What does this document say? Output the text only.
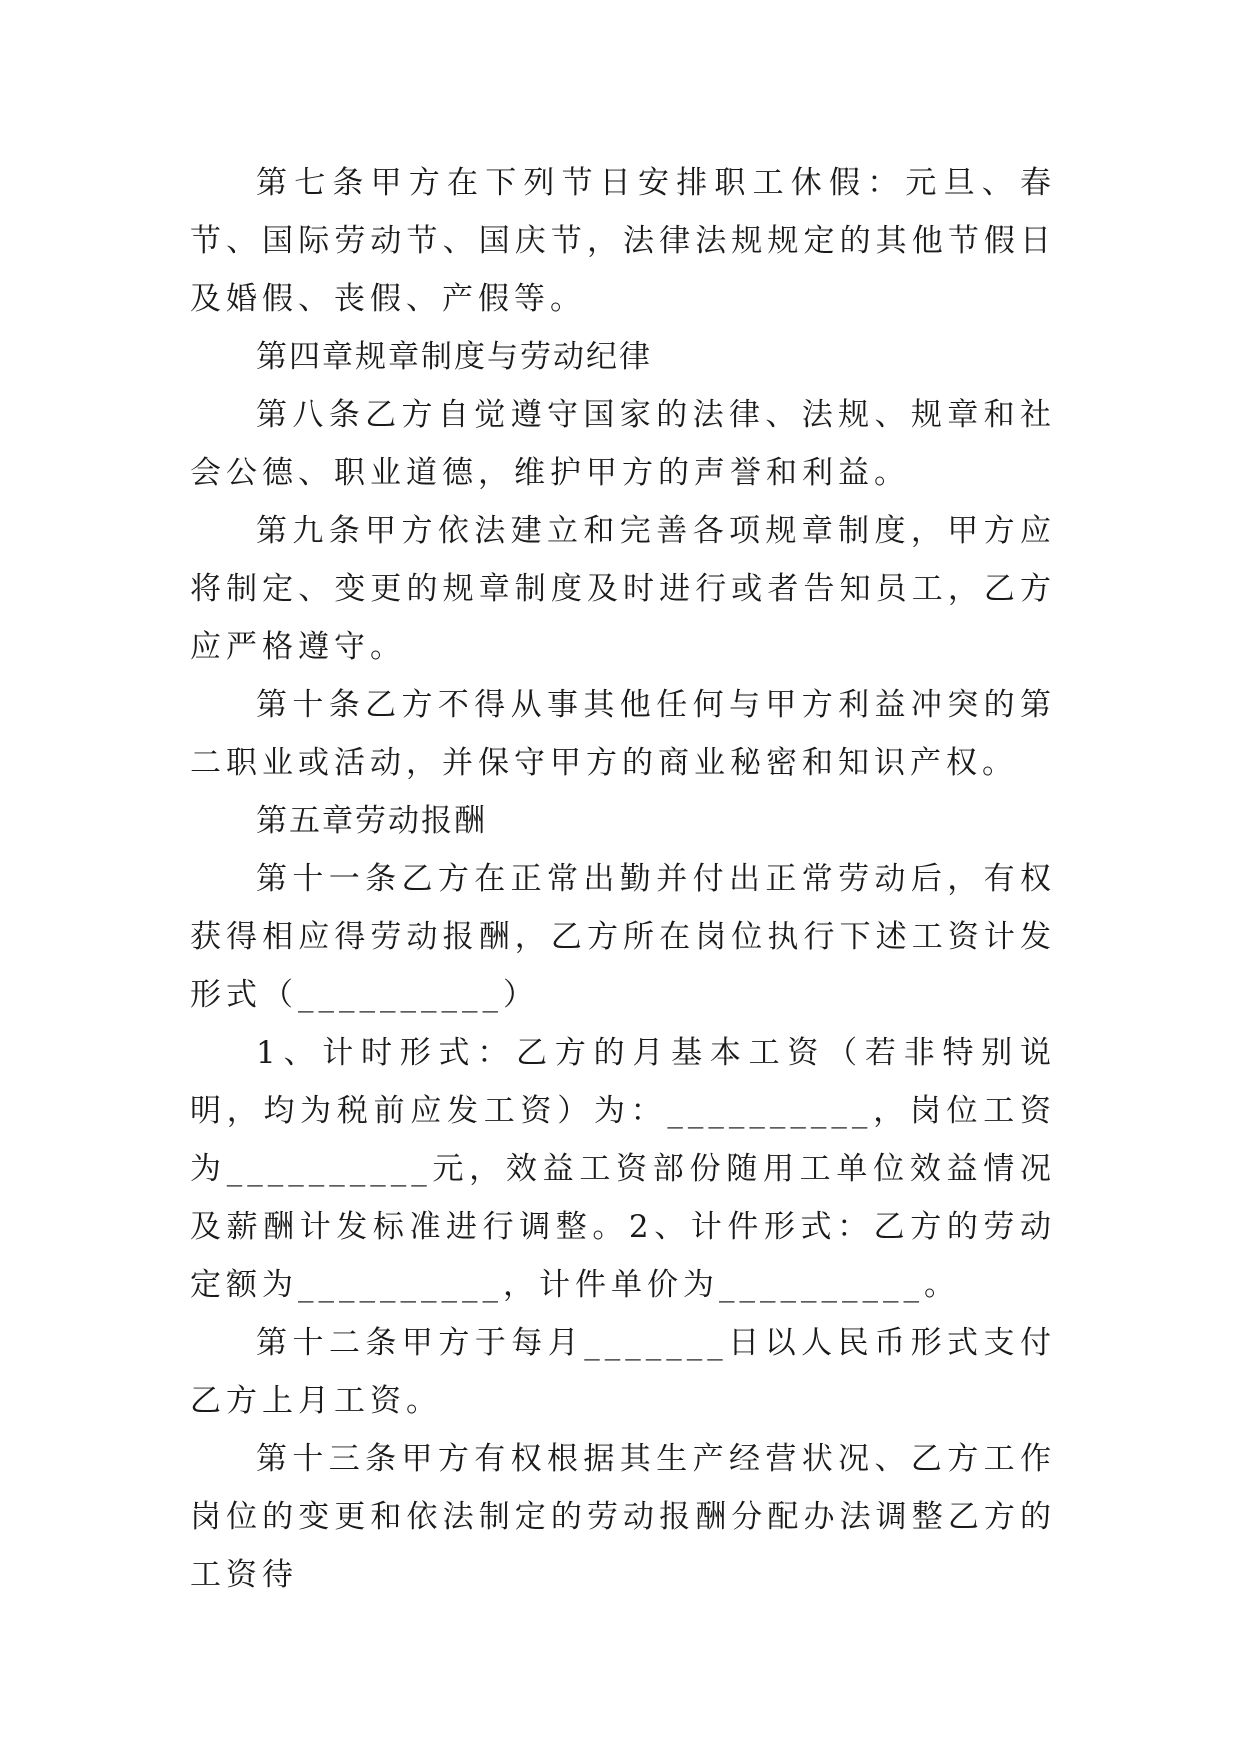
第七条甲方在下列节日安排职工休假：元旦、春节、国际劳动节、国庆节，法律法规规定的其他节假日及婚假、丧假、产假等。

第四章规章制度与劳动纪律

第八条乙方自觉遵守国家的法律、法规、规章和社会公德、职业道德，维护甲方的声誉和利益。

第九条甲方依法建立和完善各项规章制度，甲方应将制定、变更的规章制度及时进行或者告知员工，乙方应严格遵守。

第十条乙方不得从事其他任何与甲方利益冲突的第二职业或活动，并保守甲方的商业秘密和知识产权。

第五章劳动报酬

第十一条乙方在正常出勤并付出正常劳动后，有权获得相应得劳动报酬，乙方所在岗位执行下述工资计发形式（__________）

1、计时形式：乙方的月基本工资（若非特别说明，均为税前应发工资）为：__________，岗位工资为__________元，效益工资部份随用工单位效益情况及薪酬计发标准进行调整。2、计件形式：乙方的劳动定额为__________，计件单价为__________。

第十二条甲方于每月_______日以人民币形式支付乙方上月工资。

第十三条甲方有权根据其生产经营状况、乙方工作岗位的变更和依法制定的劳动报酬分配办法调整乙方的工资待
